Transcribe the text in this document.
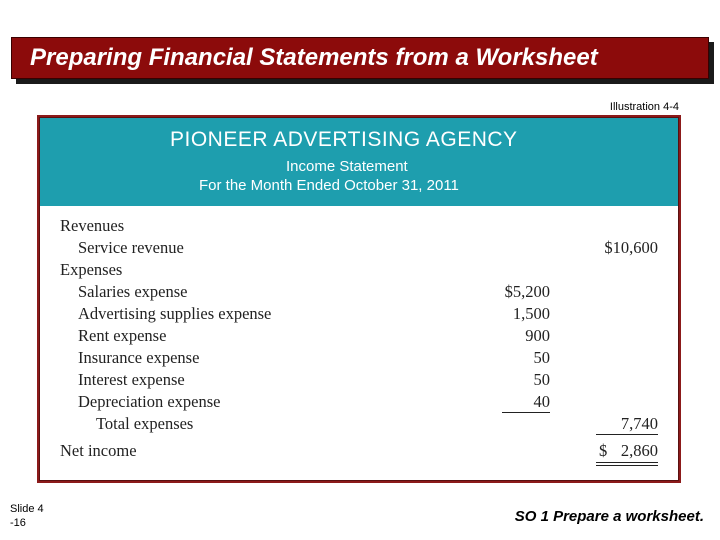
Preparing Financial Statements from a Worksheet
Illustration 4-4
PIONEER ADVERTISING AGENCY
Income Statement
For the Month Ended October 31, 2011
Revenues
Service revenue	$10,600
Expenses
Salaries expense	$5,200
Advertising supplies expense	1,500
Rent expense	900
Insurance expense	50
Interest expense	50
Depreciation expense	40
Total expenses	7,740
Net income	$ 2,860
Slide 4 -16	SO 1 Prepare a worksheet.
